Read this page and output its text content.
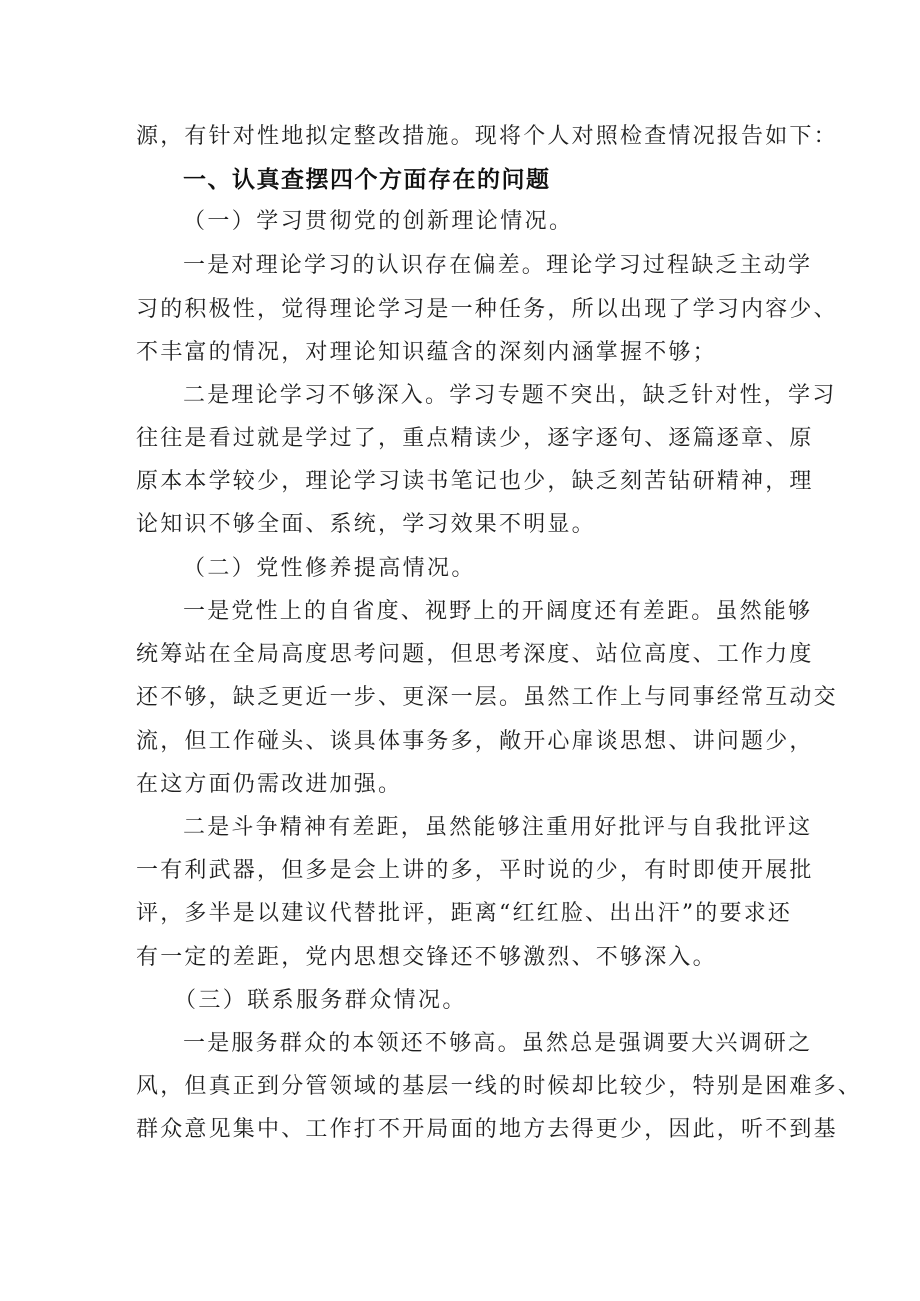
源，有针对性地拟定整改措施。现将个人对照检查情况报告如下：
一、认真查摆四个方面存在的问题
（一）学习贯彻党的创新理论情况。
一是对理论学习的认识存在偏差。理论学习过程缺乏主动学
习的积极性，觉得理论学习是一种任务，所以出现了学习内容少、
不丰富的情况，对理论知识蕴含的深刻内涵掌握不够；
二是理论学习不够深入。学习专题不突出，缺乏针对性，学习
往往是看过就是学过了，重点精读少，逐字逐句、逐篇逐章、原
原本本学较少，理论学习读书笔记也少，缺乏刻苦钻研精神，理
论知识不够全面、系统，学习效果不明显。
（二）党性修养提高情况。
一是党性上的自省度、视野上的开阔度还有差距。虽然能够
统筹站在全局高度思考问题，但思考深度、站位高度、工作力度
还不够，缺乏更近一步、更深一层。虽然工作上与同事经常互动交
流，但工作碰头、谈具体事务多，敞开心扉谈思想、讲问题少，
在这方面仍需改进加强。
二是斗争精神有差距，虽然能够注重用好批评与自我批评这
一有利武器，但多是会上讲的多，平时说的少，有时即使开展批
评，多半是以建议代替批评，距离“红红脸、出出汗”的要求还
有一定的差距，党内思想交锋还不够激烈、不够深入。
（三）联系服务群众情况。
一是服务群众的本领还不够高。虽然总是强调要大兴调研之
风，但真正到分管领域的基层一线的时候却比较少，特别是困难多、
群众意见集中、工作打不开局面的地方去得更少，因此，听不到基
